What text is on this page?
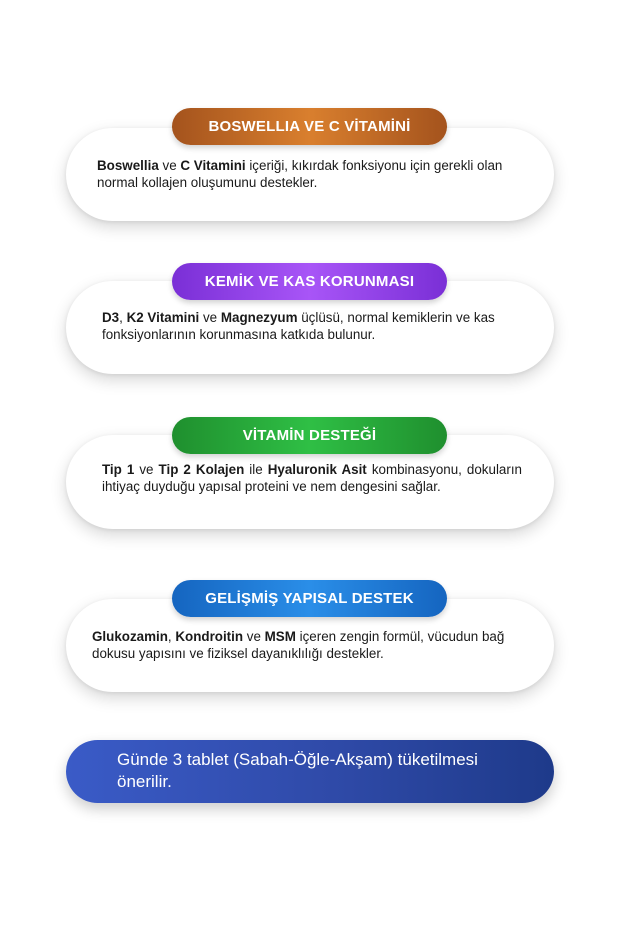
BOSWELLIA VE C VİTAMİNİ
Boswellia ve C Vitamini içeriği, kıkırdak fonksiyonu için gerekli olan normal kollajen oluşumunu destekler.
KEMİK VE KAS KORUNMASI
D3, K2 Vitamini ve Magnezyum üçlüsü, normal kemiklerin ve kas fonksiyonlarının korunmasına katkıda bulunur.
VİTAMİN DESTEĞİ
Tip 1 ve Tip 2 Kolajen ile Hyaluronik Asit kombinasyonu, dokuların ihtiyaç duyduğu yapısal proteini ve nem dengesini sağlar.
GELİŞMİŞ YAPISAL DESTEK
Glukozamin, Kondroitin ve MSM içeren zengin formül, vücudun bağ dokusu yapısını ve fiziksel dayanıklılığı destekler.
Günde 3 tablet (Sabah-Öğle-Akşam) tüketilmesi önerilir.
